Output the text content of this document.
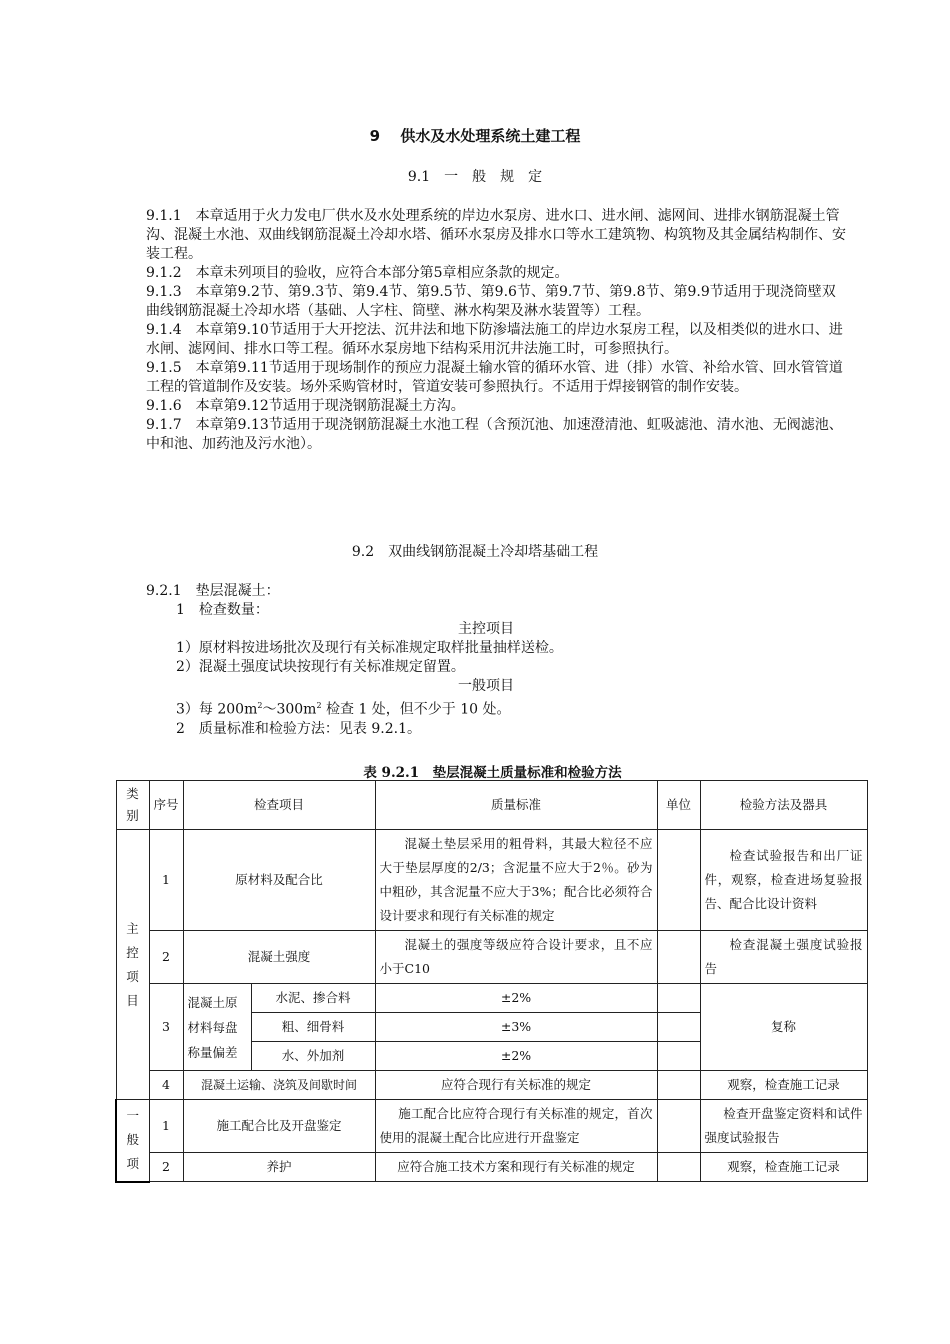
9　 供水及水处理系统土建工程
9.1　一　般　规　定

9.1.1　本章适用于火力发电厂供水及水处理系统的岸边水泵房、进水口、进水闸、滤网间、进排水钢筋混凝土管沟、混凝土水池、双曲线钢筋混凝土冷却水塔、循环水泵房及排水口等水工建筑物、构筑物及其金属结构制作、安装工程。

9.1.2　本章未列项目的验收，应符合本部分第5章相应条款的规定。

9.1.3　本章第9.2节、第9.3节、第9.4节、第9.5节、第9.6节、第9.7节、第9.8节、第9.9节适用于现浇筒壁双曲线钢筋混凝土冷却水塔（基础、人字柱、筒壁、淋水构架及淋水装置等）工程。

9.1.4　本章第9.10节适用于大开挖法、沉井法和地下防渗墙法施工的岸边水泵房工程，以及相类似的进水口、进水闸、滤网间、排水口等工程。循环水泵房地下结构采用沉井法施工时，可参照执行。

9.1.5　本章第9.11节适用于现场制作的预应力混凝土输水管的循环水管、进（排）水管、补给水管、回水管管道工程的管道制作及安装。场外采购管材时，管道安装可参照执行。不适用于焊接钢管的制作安装。

9.1.6　本章第9.12节适用于现浇钢筋混凝土方沟。

9.1.7　本章第9.13节适用于现浇钢筋混凝土水池工程（含预沉池、加速澄清池、虹吸滤池、清水池、无阀滤池、中和池、加药池及污水池）。

9.2　双曲线钢筋混凝土冷却塔基础工程

9.2.1　垫层混凝土：

1　检查数量：

主控项目

1）原材料按进场批次及现行有关标准规定取样批量抽样送检。

2）混凝土强度试块按现行有关标准规定留置。

一般项目

3）每 $200m^2\sim 300m^2$ 检查 1 处，但不少于 10 处。

2　质量标准和检验方法：见表 9.2.1。

表 9.2.1　垫层混凝土质量标准和检验方法
类别	序号	检查项目		质量标准	单位	检验方法及器具
主控项目	1	原材料及配合比		混凝土垫层采用的粗骨料，其最大粒径不应大于垫层厚度的2/3；含泥量不应大于2％。砂为中粗砂，其含泥量不应大于3%；配合比必须符合设计要求和现行有关标准的规定		检查试验报告和出厂证件，观察，检查进场复验报告、配合比设计资料
	2	混凝土强度		混凝土的强度等级应符合设计要求，且不应小于C10		检查混凝土强度试验报告
	3	混凝土原材料每盘称量偏差	水泥、掺合料	±2%		复称
			粗、细骨料	±3%		
			水、外加剂	±2%		
	4	混凝土运输、浇筑及间歇时间		应符合现行有关标准的规定		观察，检查施工记录
一般项	1	施工配合比及开盘鉴定		施工配合比应符合现行有关标准的规定，首次使用的混凝土配合比应进行开盘鉴定		检查开盘鉴定资料和试件强度试验报告
	2	养护		应符合施工技术方案和现行有关标准的规定		观察，检查施工记录
